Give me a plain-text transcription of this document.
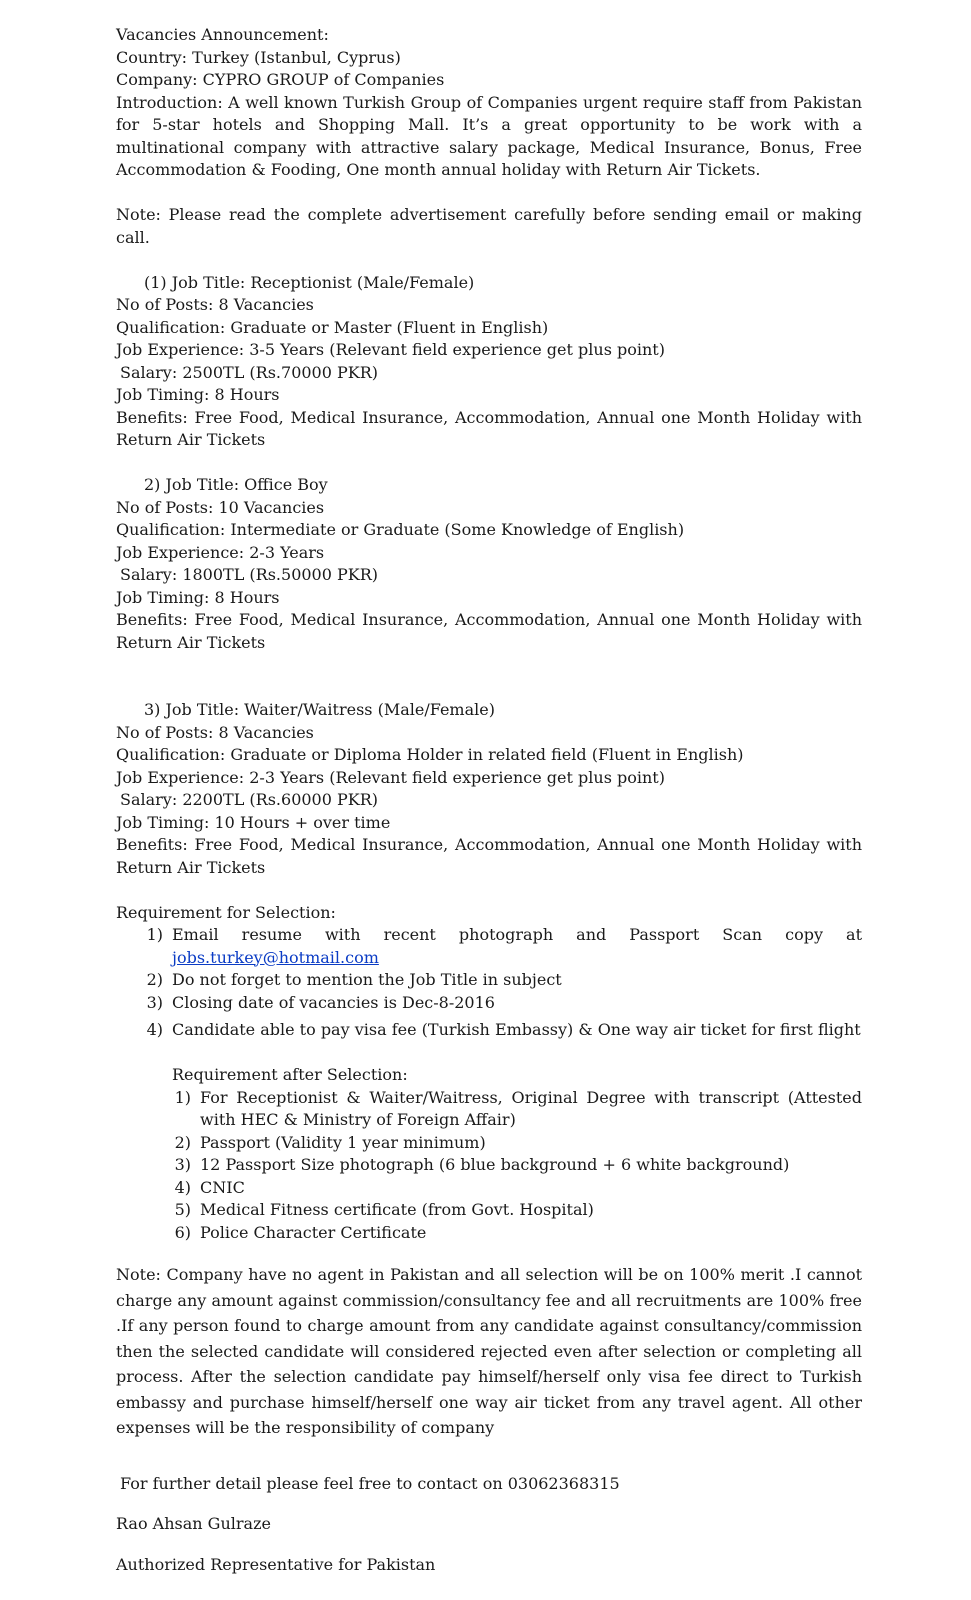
Vacancies Announcement:
Country: Turkey (Istanbul, Cyprus)
Company: CYPRO GROUP of Companies
Introduction: A well known Turkish Group of Companies urgent require staff from Pakistan for 5-star hotels and Shopping Mall. It’s a great opportunity to be work with a multinational company with attractive salary package, Medical Insurance, Bonus, Free Accommodation & Fooding, One month annual holiday with Return Air Tickets.
Note: Please read the complete advertisement carefully before sending email or making call.
(1) Job Title: Receptionist (Male/Female)
No of Posts: 8 Vacancies
Qualification: Graduate or Master (Fluent in English)
Job Experience: 3-5 Years (Relevant field experience get plus point)
Salary: 2500TL (Rs.70000 PKR)
Job Timing: 8 Hours
Benefits: Free Food, Medical Insurance, Accommodation, Annual one Month Holiday with Return Air Tickets
2) Job Title: Office Boy
No of Posts: 10 Vacancies
Qualification: Intermediate or Graduate (Some Knowledge of English)
Job Experience: 2-3 Years
Salary: 1800TL (Rs.50000 PKR)
Job Timing: 8 Hours
Benefits: Free Food, Medical Insurance, Accommodation, Annual one Month Holiday with Return Air Tickets
3) Job Title: Waiter/Waitress (Male/Female)
No of Posts: 8 Vacancies
Qualification: Graduate or Diploma Holder in related field (Fluent in English)
Job Experience: 2-3 Years (Relevant field experience get plus point)
Salary: 2200TL (Rs.60000 PKR)
Job Timing: 10 Hours + over time
Benefits: Free Food, Medical Insurance, Accommodation, Annual one Month Holiday with Return Air Tickets
Requirement for Selection:
1) Email resume with recent photograph and Passport Scan copy at jobs.turkey@hotmail.com
2) Do not forget to mention the Job Title in subject
3) Closing date of vacancies is Dec-8-2016
4) Candidate able to pay visa fee (Turkish Embassy) & One way air ticket for first flight
Requirement after Selection:
1) For Receptionist & Waiter/Waitress, Original Degree with transcript (Attested with HEC & Ministry of Foreign Affair)
2) Passport (Validity 1 year minimum)
3) 12 Passport Size photograph (6 blue background + 6 white background)
4) CNIC
5) Medical Fitness certificate (from Govt. Hospital)
6) Police Character Certificate
Note: Company have no agent in Pakistan and all selection will be on 100% merit .I cannot charge any amount against commission/consultancy fee and all recruitments are 100% free .If any person found to charge amount from any candidate against consultancy/commission then the selected candidate will considered rejected even after selection or completing all process. After the selection candidate pay himself/herself only visa fee direct to Turkish embassy and purchase himself/herself one way air ticket from any travel agent. All other expenses will be the responsibility of company
For further detail please feel free to contact on 03062368315
Rao Ahsan Gulraze
Authorized Representative for Pakistan
